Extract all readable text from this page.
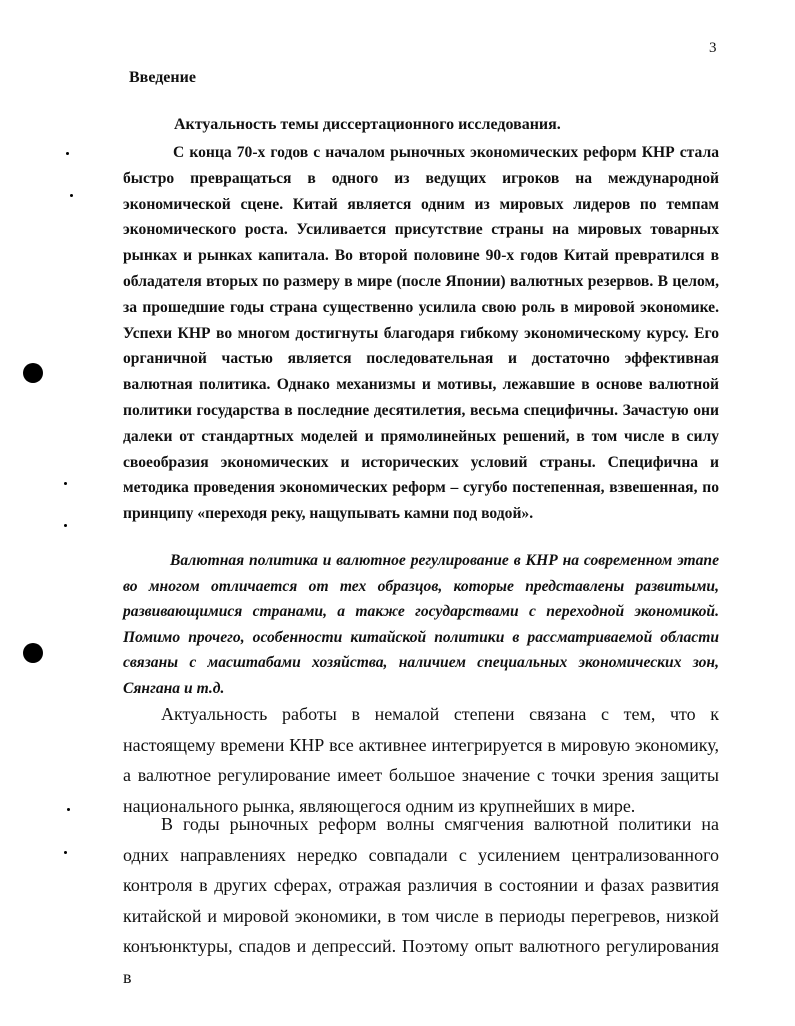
3
Введение
Актуальность темы диссертационного исследования.

С конца 70-х годов с началом рыночных экономических реформ КНР стала быстро превращаться в одного из ведущих игроков на международной экономической сцене. Китай является одним из мировых лидеров по темпам экономического роста. Усиливается присутствие страны на мировых товарных рынках и рынках капитала. Во второй половине 90-х годов Китай превратился в обладателя вторых по размеру в мире (после Японии) валютных резервов. В целом, за прошедшие годы страна существенно усилила свою роль в мировой экономике. Успехи КНР во многом достигнуты благодаря гибкому экономическому курсу. Его органичной частью является последовательная и достаточно эффективная валютная политика. Однако механизмы и мотивы, лежавшие в основе валютной политики государства в последние десятилетия, весьма специфичны. Зачастую они далеки от стандартных моделей и прямолинейных решений, в том числе в силу своеобразия экономических и исторических условий страны. Специфична и методика проведения экономических реформ – сугубо постепенная, взвешенная, по принципу «переходя реку, нащупывать камни под водой».

Валютная политика и валютное регулирование в КНР на современном этапе во многом отличается от тех образцов, которые представлены развитыми, развивающимися странами, а также государствами с переходной экономикой. Помимо прочего, особенности китайской политики в рассматриваемой области связаны с масштабами хозяйства, наличием специальных экономических зон, Сянгана и т.д.

Актуальность работы в немалой степени связана с тем, что к настоящему времени КНР все активнее интегрируется в мировую экономику, а валютное регулирование имеет большое значение с точки зрения защиты национального рынка, являющегося одним из крупнейших в мире.

В годы рыночных реформ волны смягчения валютной политики на одних направлениях нередко совпадали с усилением централизованного контроля в других сферах, отражая различия в состоянии и фазах развития китайской и мировой экономики, в том числе в периоды перегревов, низкой конъюнктуры, спадов и депрессий. Поэтому опыт валютного регулирования в
